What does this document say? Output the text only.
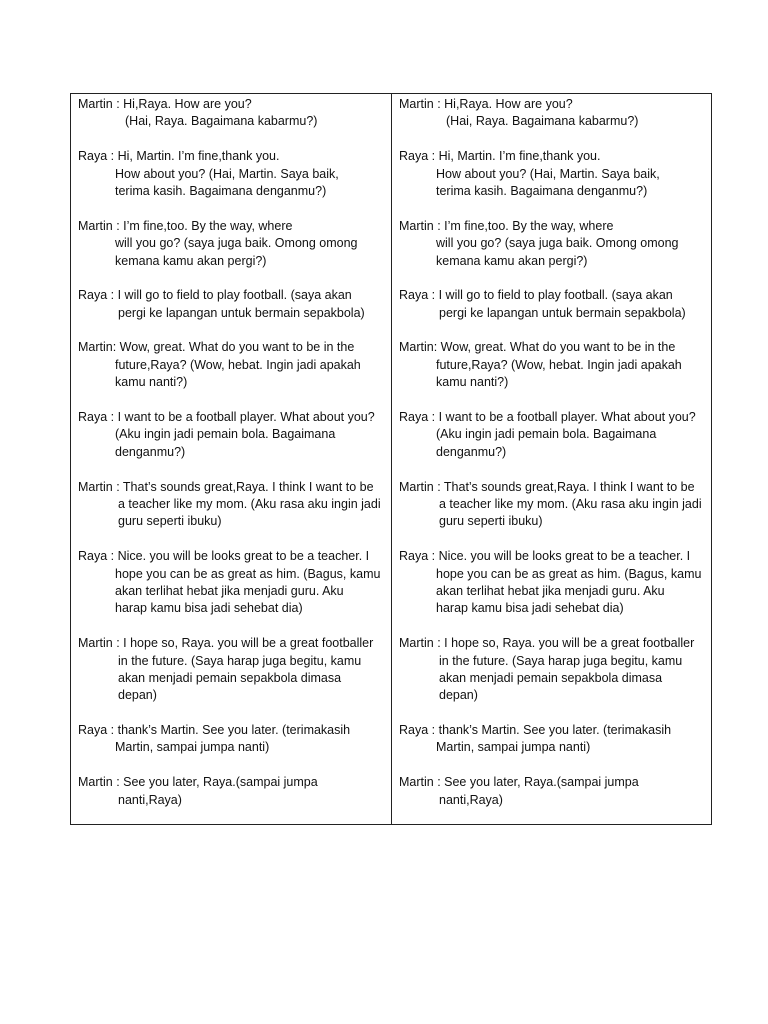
Martin : Hi,Raya. How are you?
(Hai, Raya. Bagaimana kabarmu?)
Raya : Hi, Martin. I’m fine,thank you.
How about you? (Hai, Martin. Saya baik,
terima kasih. Bagaimana denganmu?)
Martin : I’m fine,too. By the way, where
will you go? (saya juga baik. Omong omong
kemana kamu akan pergi?)
Raya : I will go to field to play football. (saya akan
pergi ke lapangan untuk bermain sepakbola)
Martin: Wow, great. What do you want to be in the
future,Raya? (Wow, hebat. Ingin jadi apakah
kamu nanti?)
Raya : I want to be a football player. What about you?
(Aku ingin jadi pemain bola. Bagaimana
denganmu?)
Martin : That’s sounds great,Raya. I think I want to be
a teacher like my mom. (Aku rasa aku ingin jadi
guru seperti ibuku)
Raya : Nice. you will be looks great to be a teacher. I
hope you can be as great as him. (Bagus, kamu
akan terlihat hebat jika menjadi guru. Aku
harap kamu bisa jadi sehebat dia)
Martin : I hope so, Raya. you will be a great footballer
in the future. (Saya harap juga begitu, kamu
akan menjadi pemain sepakbola dimasa
depan)
Raya : thank’s Martin. See you later. (terimakasih
Martin, sampai jumpa nanti)
Martin : See you later, Raya.(sampai jumpa
nanti,Raya)
Martin : Hi,Raya. How are you?
(Hai, Raya. Bagaimana kabarmu?)
Raya : Hi, Martin. I’m fine,thank you.
How about you? (Hai, Martin. Saya baik,
terima kasih. Bagaimana denganmu?)
Martin : I’m fine,too. By the way, where
will you go? (saya juga baik. Omong omong
kemana kamu akan pergi?)
Raya : I will go to field to play football. (saya akan
pergi ke lapangan untuk bermain sepakbola)
Martin: Wow, great. What do you want to be in the
future,Raya? (Wow, hebat. Ingin jadi apakah
kamu nanti?)
Raya : I want to be a football player. What about you?
(Aku ingin jadi pemain bola. Bagaimana
denganmu?)
Martin : That’s sounds great,Raya. I think I want to be
a teacher like my mom. (Aku rasa aku ingin jadi
guru seperti ibuku)
Raya : Nice. you will be looks great to be a teacher. I
hope you can be as great as him. (Bagus, kamu
akan terlihat hebat jika menjadi guru. Aku
harap kamu bisa jadi sehebat dia)
Martin : I hope so, Raya. you will be a great footballer
in the future. (Saya harap juga begitu, kamu
akan menjadi pemain sepakbola dimasa
depan)
Raya : thank’s Martin. See you later. (terimakasih
Martin, sampai jumpa nanti)
Martin : See you later, Raya.(sampai jumpa
nanti,Raya)
